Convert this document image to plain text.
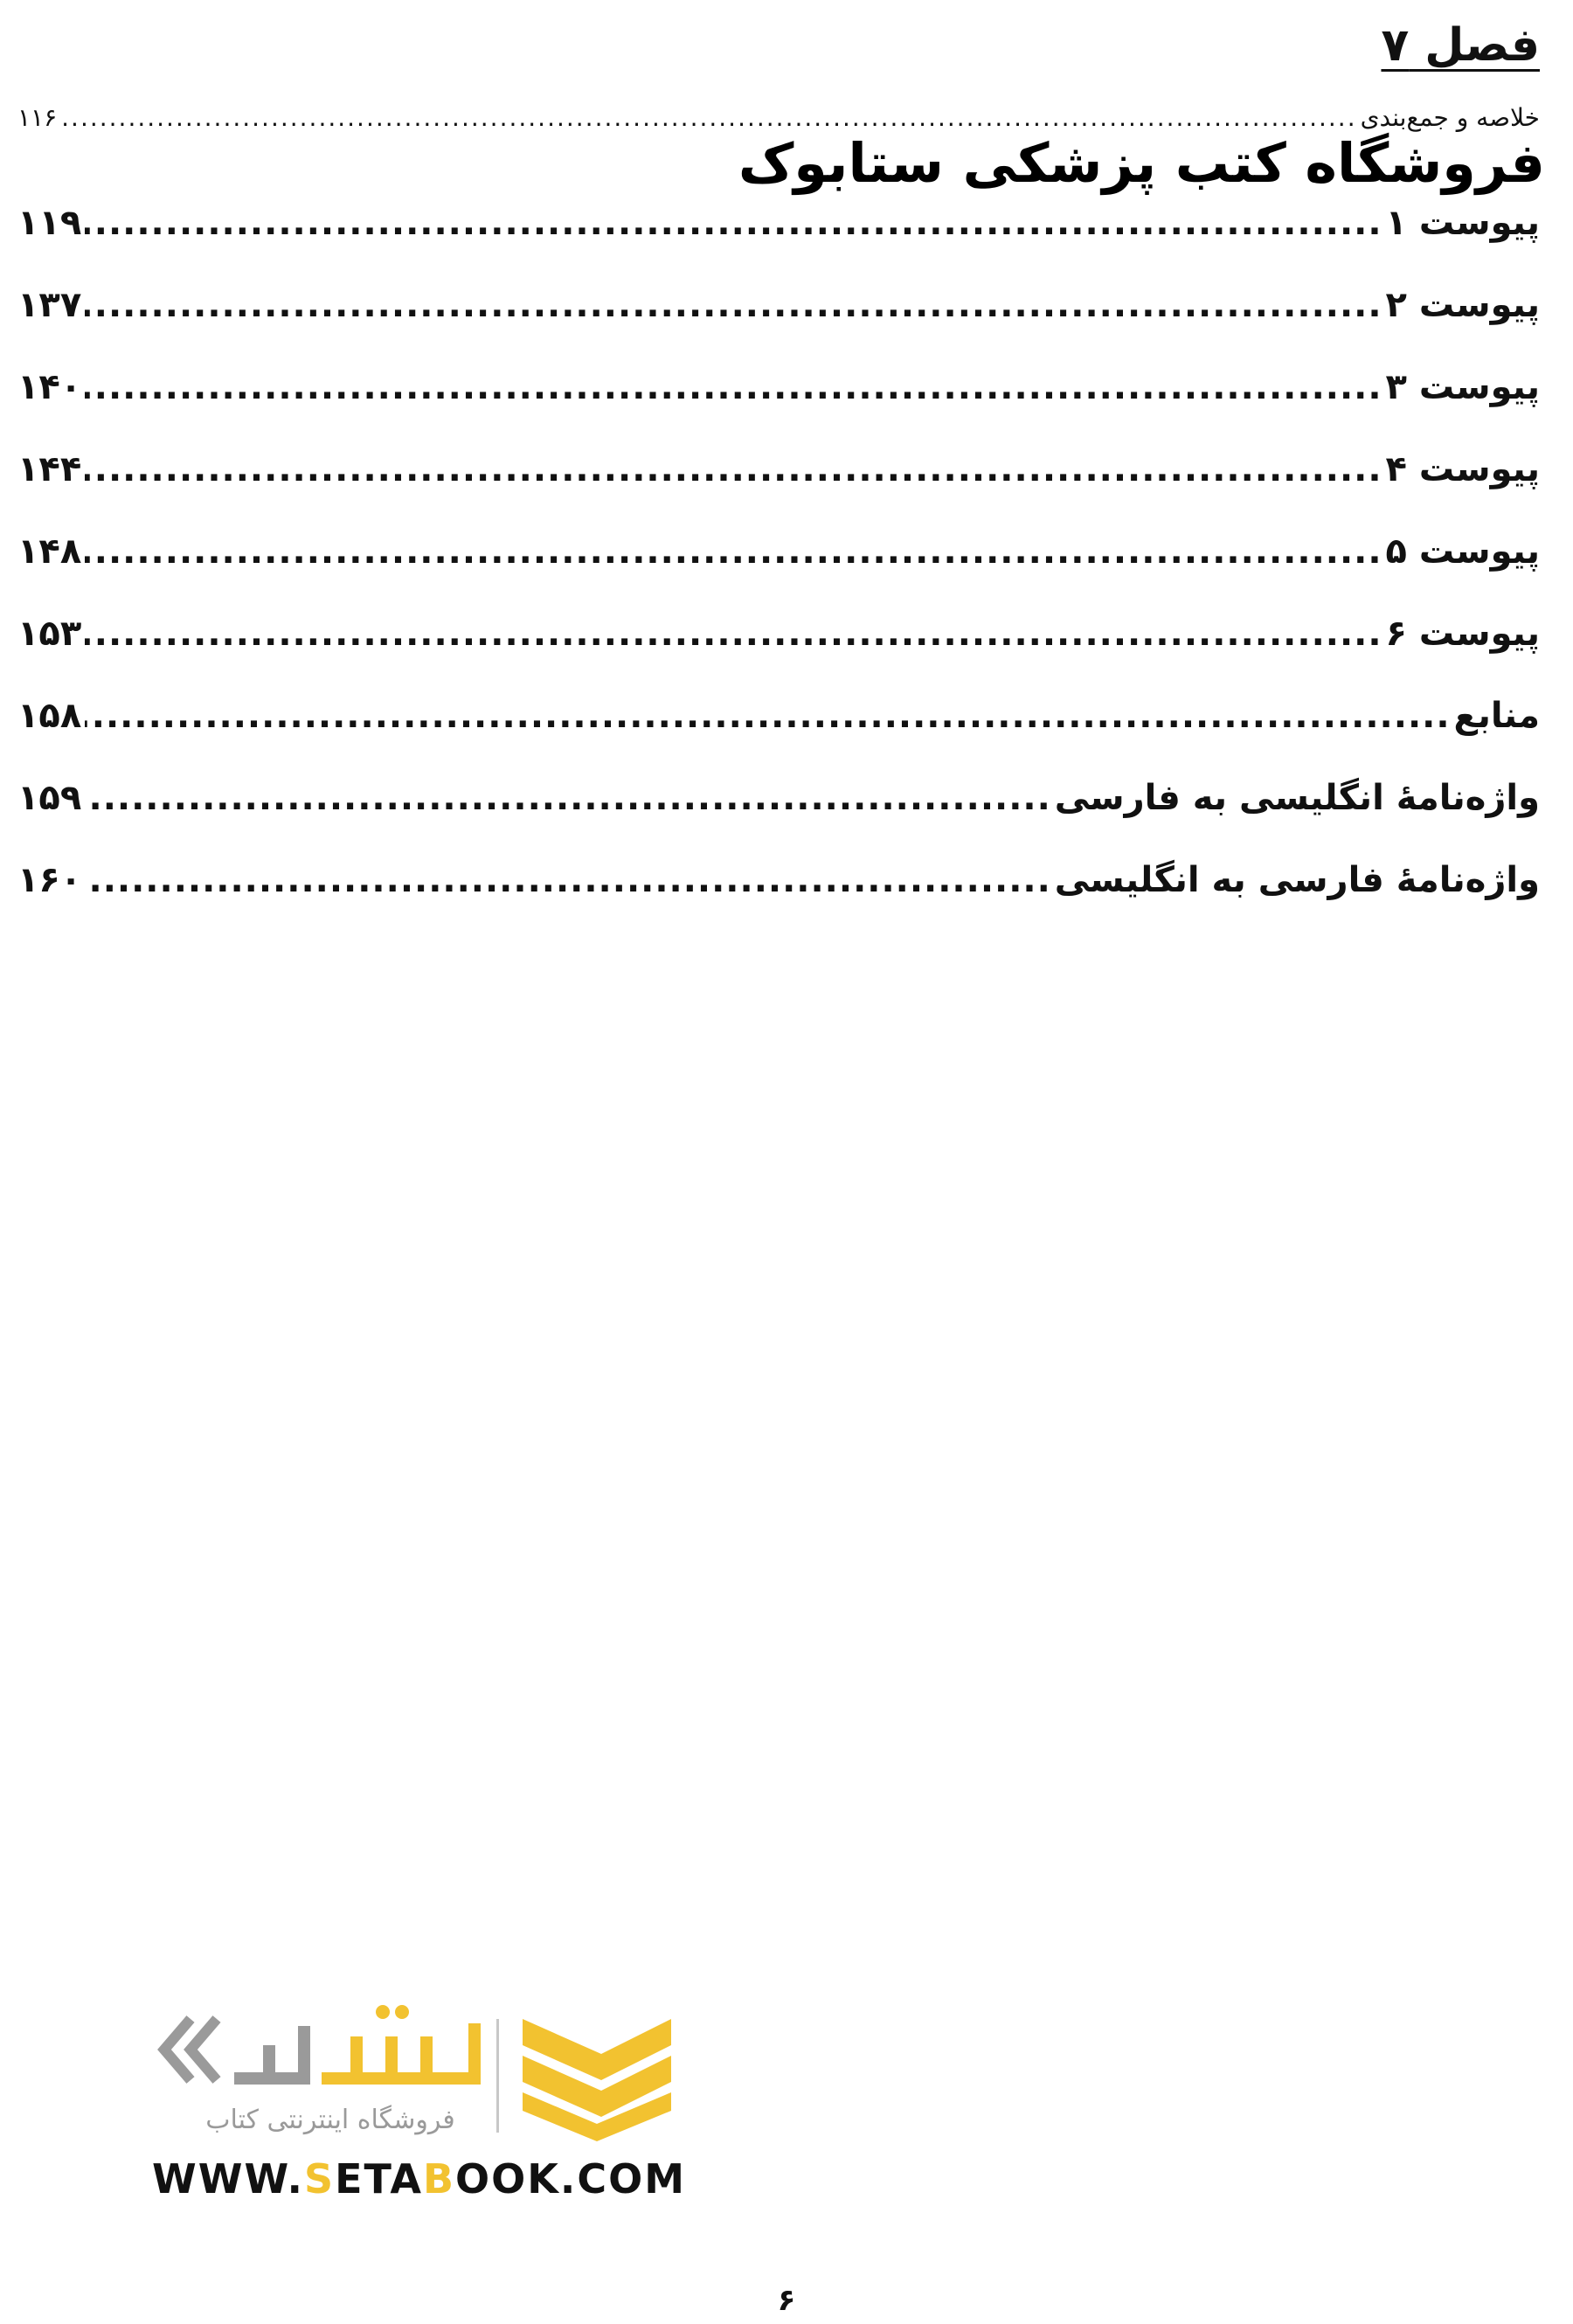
فصل ۷
خلاصه و جمع‌بندی
.....
۱۱۶
فروشگاه کتب پزشکی ستابوک
پیوست ۱
.....
۱۱۹
پیوست ۲
.....
۱۳۷
پیوست ۳
.....
۱۴۰
پیوست ۴
.....
۱۴۴
پیوست ۵
.....
۱۴۸
پیوست ۶
.....
۱۵۳
منابع
.....
۱۵۸
واژه‌نامهٔ انگلیسی به فارسی
.....
۱۵۹
واژه‌نامهٔ فارسی به انگلیسی
.....
۱۶۰
فروشگاه اینترنتی کتاب
WWW.SETABOOK.COM
۶
